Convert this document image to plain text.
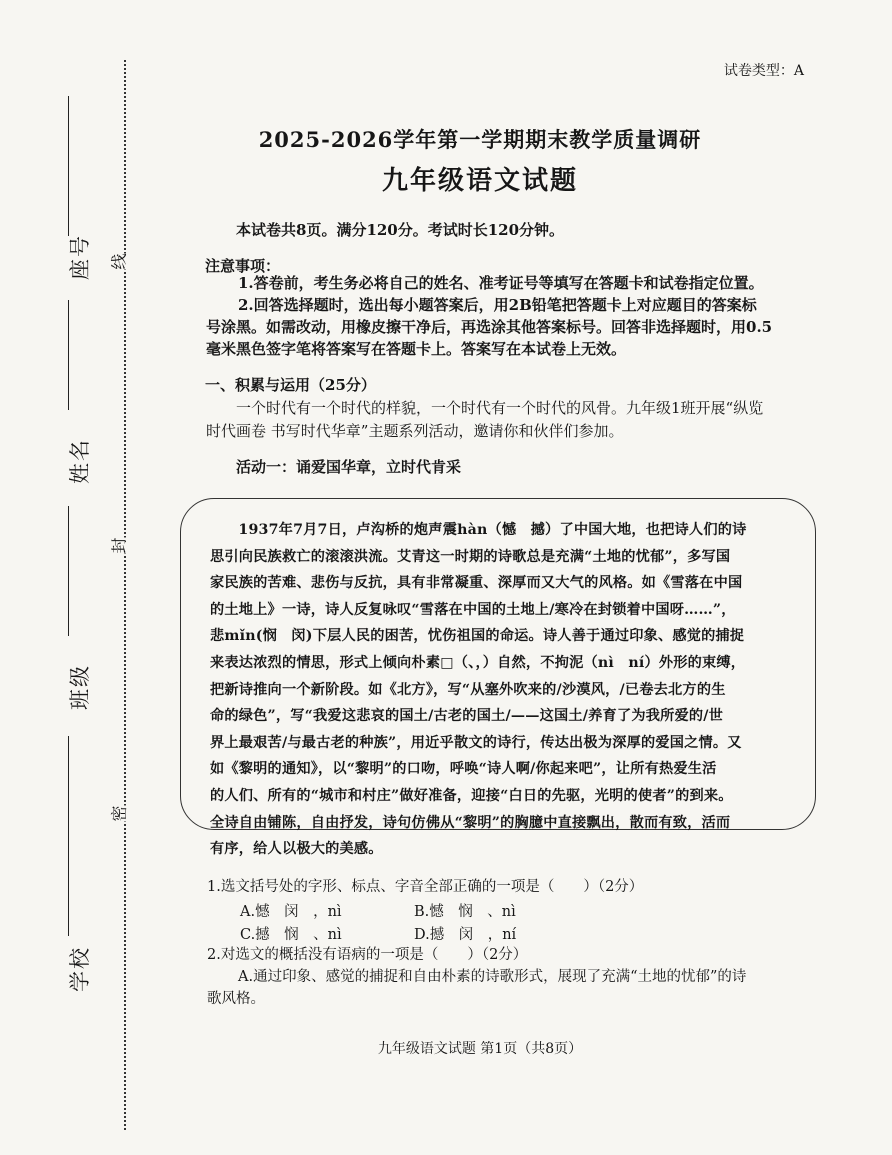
座号
姓名
班级
学校
线
封
密
试卷类型：A
2025-2026学年第一学期期末教学质量调研
九年级语文试题
本试卷共8页。满分120分。考试时长120分钟。
注意事项：
1.答卷前，考生务必将自己的姓名、准考证号等填写在答题卡和试卷指定位置。
2.回答选择题时，选出每小题答案后，用2B铅笔把答题卡上对应题目的答案标
号涂黑。如需改动，用橡皮擦干净后，再选涂其他答案标号。回答非选择题时，用0.5
毫米黑色签字笔将答案写在答题卡上。答案写在本试卷上无效。
一、积累与运用（25分）
一个时代有一个时代的样貌，一个时代有一个时代的风骨。九年级1班开展“纵览
时代画卷 书写时代华章”主题系列活动，邀请你和伙伴们参加。
活动一：诵爱国华章，立时代肯采

1937年7月7日，卢沟桥的炮声震hàn（憾　撼）了中国大地，也把诗人们的诗

思引向民族救亡的滚滚洪流。艾青这一时期的诗歌总是充满“土地的忧郁”，多写国
家民族的苦难、悲伤与反抗，具有非常凝重、深厚而又大气的风格。如《雪落在中国
的土地上》一诗，诗人反复咏叹“雪落在中国的土地上/寒冷在封锁着中国呀……”，
悲mǐn(悯　闵)下层人民的困苦，忧伤祖国的命运。诗人善于通过印象、感觉的捕捉
来表达浓烈的情思，形式上倾向朴素□（、，）自然，不拘泥（nì　ní）外形的束缚，
把新诗推向一个新阶段。如《北方》，写“从塞外吹来的/沙漠风，/已卷去北方的生
命的绿色”，写“我爱这悲哀的国土/古老的国土/——这国土/养育了为我所爱的/世
界上最艰苦/与最古老的种族”，用近乎散文的诗行，传达出极为深厚的爱国之情。又
如《黎明的通知》，以“黎明”的口吻，呼唤“诗人啊/你起来吧”，让所有热爱生活
的人们、所有的“城市和村庄”做好准备，迎接“白日的先驱，光明的使者”的到来。
全诗自由铺陈，自由抒发，诗句仿佛从“黎明”的胸臆中直接飘出，散而有致，活而
有序，给人以极大的美感。
1.选文括号处的字形、标点、字音全部正确的一项是（　　）（2分）
A.憾　闵　，nì	B.憾　悯　、nì
C.撼　悯　、nì	D.撼　闵　，ní
2.对选文的概括没有语病的一项是（　　）（2分）
A.通过印象、感觉的捕捉和自由朴素的诗歌形式，展现了充满“土地的忧郁”的诗
歌风格。
九年级语文试题 第1页（共8页）
